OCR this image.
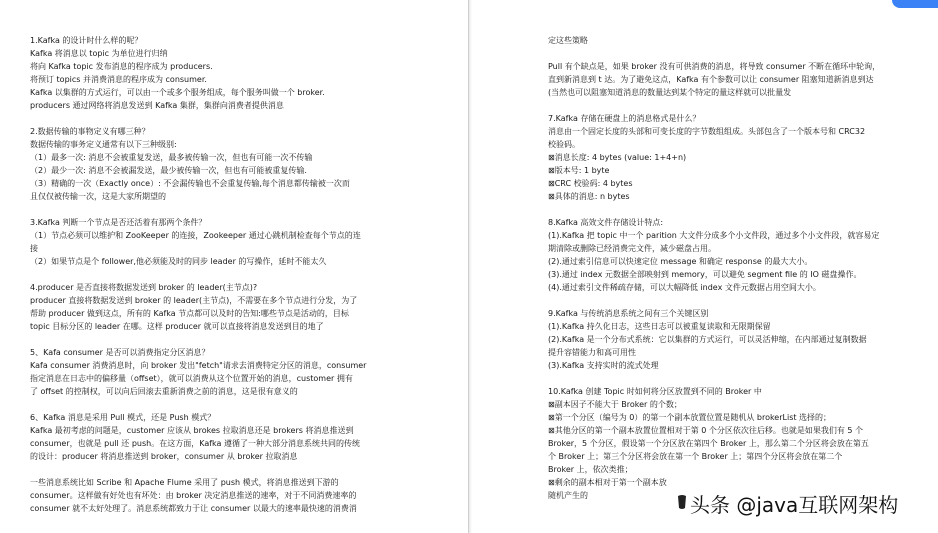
1.Kafka 的设计时什么样的呢？
Kafka 将消息以 topic 为单位进行归纳
将向 Kafka topic 发布消息的程序成为 producers.
将预订 topics 并消费消息的程序成为 consumer.
Kafka 以集群的方式运行，可以由一个或多个服务组成，每个服务叫做一个 broker.
producers 通过网络将消息发送到 Kafka 集群，集群向消费者提供消息
2.数据传输的事物定义有哪三种？
数据传输的事务定义通常有以下三种级别:
（1）最多一次: 消息不会被重复发送，最多被传输一次，但也有可能一次不传输
（2）最少一次: 消息不会被漏发送，最少被传输一次，但也有可能被重复传输.
（3）精确的一次（Exactly once）: 不会漏传输也不会重复传输,每个消息都传输被一次而
且仅仅被传输一次，这是大家所期望的
3.Kafka 判断一个节点是否还活着有那两个条件？
（1）节点必须可以维护和 ZooKeeper 的连接，Zookeeper 通过心跳机制检查每个节点的连
接
（2）如果节点是个 follower,他必须能及时的同步 leader 的写操作，延时不能太久
4.producer 是否直接将数据发送到 broker 的 leader(主节点)?
producer 直接将数据发送到 broker 的 leader(主节点)，不需要在多个节点进行分发，为了
帮助 producer 做到这点，所有的 Kafka 节点都可以及时的告知:哪些节点是活动的，目标
topic 目标分区的 leader 在哪。这样 producer 就可以直接将消息发送到目的地了
5、Kafa consumer 是否可以消费指定分区消息？
Kafa consumer 消费消息时，向 broker 发出"fetch"请求去消费特定分区的消息，consumer
指定消息在日志中的偏移量（offset），就可以消费从这个位置开始的消息，customer 拥有
了 offset 的控制权，可以向后回滚去重新消费之前的消息，这是很有意义的
6、Kafka 消息是采用 Pull 模式，还是 Push 模式？
Kafka 最初考虑的问题是，customer 应该从 brokes 拉取消息还是 brokers 将消息推送到
consumer，也就是 pull 还 push。在这方面，Kafka 遵循了一种大部分消息系统共同的传统
的设计：producer 将消息推送到 broker，consumer 从 broker 拉取消息
一些消息系统比如 Scribe 和 Apache Flume 采用了 push 模式，将消息推送到下游的
consumer。这样做有好处也有坏处：由 broker 决定消息推送的速率，对于不同消费速率的
consumer 就不太好处理了。消息系统都致力于让 consumer 以最大的速率最快速的消费消
定这些策略
Pull 有个缺点是，如果 broker 没有可供消费的消息，将导致 consumer 不断在循环中轮询，
直到新消息到 t 达。为了避免这点，Kafka 有个参数可以让 consumer 阻塞知道新消息到达
(当然也可以阻塞知道消息的数量达到某个特定的量这样就可以批量发
7.Kafka 存储在硬盘上的消息格式是什么？
消息由一个固定长度的头部和可变长度的字节数组组成。头部包含了一个版本号和 CRC32
校验码。
⊠消息长度: 4 bytes (value: 1+4+n)
⊠版本号: 1 byte
⊠CRC 校验码: 4 bytes
⊠具体的消息: n bytes
8.Kafka 高效文件存储设计特点:
(1).Kafka 把 topic 中一个 parition 大文件分成多个小文件段，通过多个小文件段，就容易定
期清除或删除已经消费完文件，减少磁盘占用。
(2).通过索引信息可以快速定位 message 和确定 response 的最大大小。
(3).通过 index 元数据全部映射到 memory，可以避免 segment file 的 IO 磁盘操作。
(4).通过索引文件稀疏存储，可以大幅降低 index 文件元数据占用空间大小。
9.Kafka 与传统消息系统之间有三个关键区别
(1).Kafka 持久化日志，这些日志可以被重复读取和无限期保留
(2).Kafka 是一个分布式系统：它以集群的方式运行，可以灵活伸缩，在内部通过复制数据
提升容错能力和高可用性
(3).Kafka 支持实时的流式处理
10.Kafka 创建 Topic 时如何将分区放置到不同的 Broker 中
⊠副本因子不能大于 Broker 的个数；
⊠第一个分区（编号为 0）的第一个副本放置位置是随机从 brokerList 选择的；
⊠其他分区的第一个副本放置位置相对于第 0 个分区依次往后移。也就是如果我们有 5 个
Broker，5 个分区，假设第一个分区放在第四个 Broker 上，那么第二个分区将会放在第五
个 Broker 上；第三个分区将会放在第一个 Broker 上；第四个分区将会放在第二个
Broker 上，依次类推；
⊠剩余的副本相对于第一个副本放
随机产生的	头条 @java互联网架构
